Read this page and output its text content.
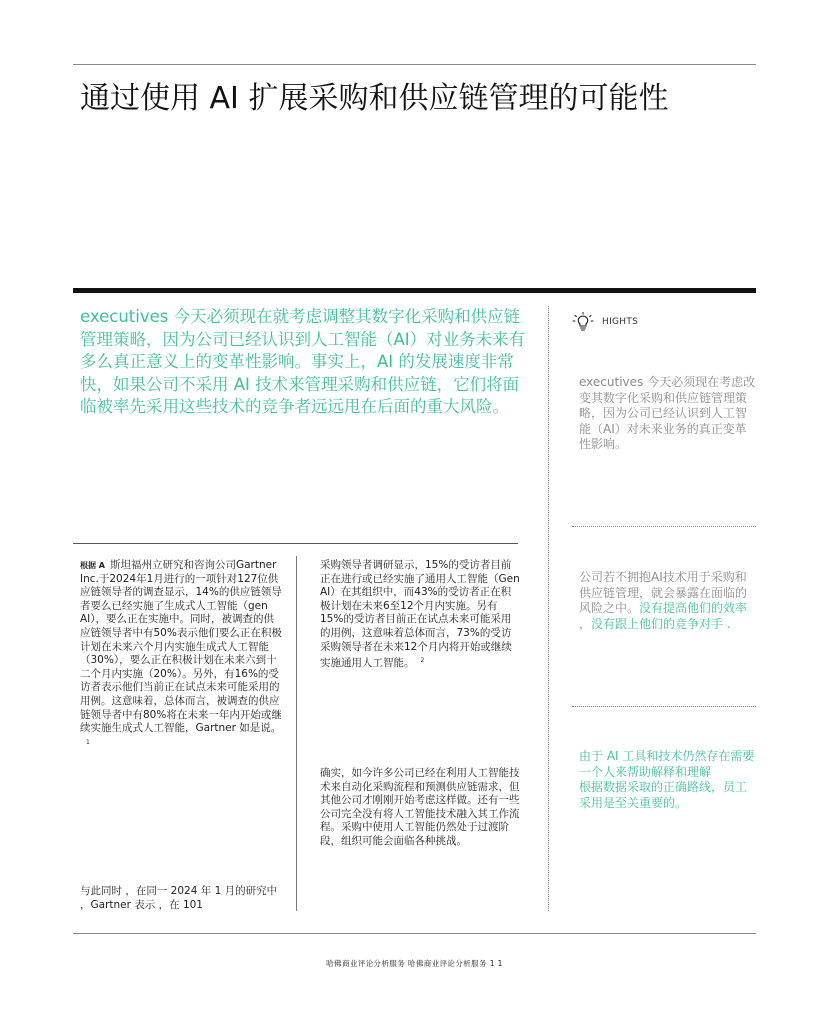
通过使用 AI 扩展采购和供应链管理的可能性

executives 今天必须现在就考虑调整其数字化采购和供应链管理策略，因为公司已经认识到人工智能（AI）对业务未来有多么真正意义上的变革性影响。事实上，AI 的发展速度非常快，如果公司不采用 AI 技术来管理采购和供应链，它们将面临被率先采用这些技术的竞争者远远甩在后面的重大风险。

HIGHTS

executives 今天必须现在考虑改变其数字化采购和供应链管理策略，因为公司已经认识到人工智能（AI）对未来业务的真正变革性影响。

公司若不拥抱AI技术用于采购和供应链管理，就会暴露在面临的风险之中。没有提高他们的效率 ，没有跟上他们的竞争对手 .

由于 AI 工具和技术仍然存在需要一个人来帮助解释和理解
根据数据采取的正确路线，员工采用是至关重要的。

根据 A 斯坦福州立研究和咨询公司Gartner Inc.于2024年1月进行的一项针对127位供应链领导者的调查显示，14%的供应链领导者要么已经实施了生成式人工智能（gen AI），要么正在实施中。同时，被调查的供应链领导者中有50%表示他们要么正在积极计划在未来六个月内实施生成式人工智能（30%），要么正在积极计划在未来六到十二个月内实施（20%）。另外，有16%的受访者表示他们当前正在试点未来可能采用的用例。这意味着，总体而言，被调查的供应链领导者中有80%将在未来一年内开始或继续实施生成式人工智能，Gartner 如是说。$^1$

采购领导者调研显示，15%的受访者目前正在进行或已经实施了通用人工智能（Gen AI）在其组织中，而43%的受访者正在积极计划在未来6至12个月内实施。另有15%的受访者目前正在试点未来可能采用的用例，这意味着总体而言，73%的受访采购领导者在未来12个月内将开始或继续实施通用人工智能。 $^2$

确实，如今许多公司已经在利用人工智能技术来自动化采购流程和预测供应链需求，但其他公司才刚刚开始考虑这样做。还有一些公司完全没有将人工智能技术融入其工作流程。采购中使用人工智能仍然处于过渡阶段，组织可能会面临各种挑战。

与此同时 ，在同一 2024 年 1 月的研究中 ，Gartner 表示 ，在 101

哈佛商业评论分析服务 哈佛商业评论分析服务 1 1
